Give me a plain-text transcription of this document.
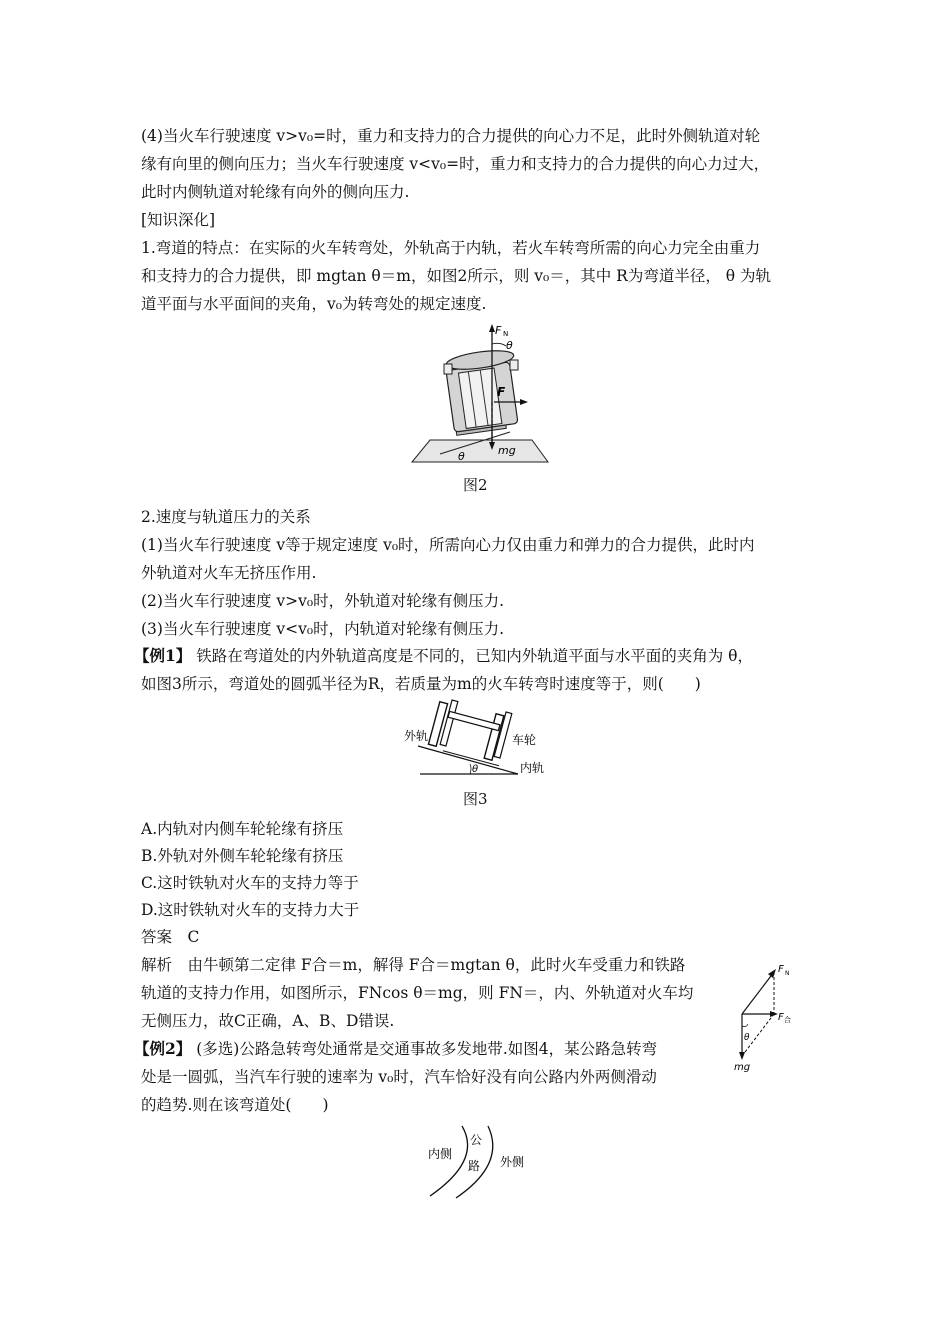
(4)当火车行驶速度 v>v₀=时，重力和支持力的合力提供的向心力不足，此时外侧轨道对轮
缘有向里的侧向压力；当火车行驶速度 v<v₀=时，重力和支持力的合力提供的向心力过大，
此时内侧轨道对轮缘有向外的侧向压力.
[知识深化]
1.弯道的特点：在实际的火车转弯处，外轨高于内轨，若火车转弯所需的向心力完全由重力
和支持力的合力提供，即 mgtan θ＝m，如图2所示，则 v₀＝，其中 R为弯道半径， θ 为轨
道平面与水平面间的夹角，v₀为转弯处的规定速度.
F N
θ
F
θ	mg
图2
2.速度与轨道压力的关系
(1)当火车行驶速度 v等于规定速度 v₀时，所需向心力仅由重力和弹力的合力提供，此时内
外轨道对火车无挤压作用.
(2)当火车行驶速度 v>v₀时，外轨道对轮缘有侧压力.
(3)当火车行驶速度 v<v₀时，内轨道对轮缘有侧压力.
【例1】 铁路在弯道处的内外轨道高度是不同的，已知内外轨道平面与水平面的夹角为 θ，
如图3所示，弯道处的圆弧半径为R，若质量为m的火车转弯时速度等于，则(　　)
外轨	车轮
内轨
θ
图3
A.内轨对内侧车轮轮缘有挤压
B.外轨对外侧车轮轮缘有挤压
C.这时铁轨对火车的支持力等于
D.这时铁轨对火车的支持力大于
答案　C
解析　由牛顿第二定律 F合＝m，解得 F合＝mgtan θ，此时火车受重力和铁路
轨道的支持力作用，如图所示，FNcos θ＝mg，则 FN＝，内、外轨道对火车均
无侧压力，故C正确，A、B、D错误.
F N
F 合
θ
mg
【例2】 (多选)公路急转弯处通常是交通事故多发地带.如图4，某公路急转弯
处是一圆弧，当汽车行驶的速率为 v₀时，汽车恰好没有向公路内外两侧滑动
的趋势.则在该弯道处(　　)
内侧
公
路 外侧
